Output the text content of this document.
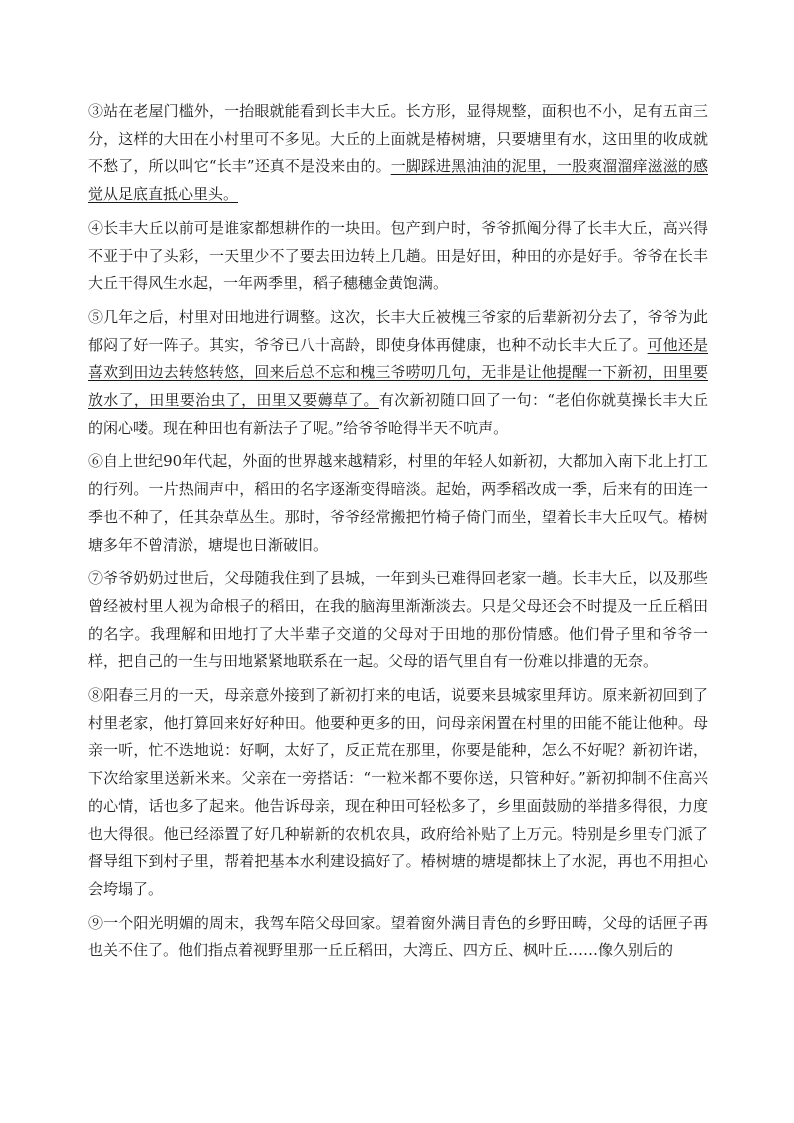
③站在老屋门槛外，一抬眼就能看到长丰大丘。长方形，显得规整，面积也不小，足有五亩三分，这样的大田在小村里可不多见。大丘的上面就是椿树塘，只要塘里有水，这田里的收成就不愁了，所以叫它“长丰”还真不是没来由的。一脚踩进黑油油的泥里，一股爽溜溜痒滋滋的感觉从足底直抵心里头。

④长丰大丘以前可是谁家都想耕作的一块田。包产到户时，爷爷抓阄分得了长丰大丘，高兴得不亚于中了头彩，一天里少不了要去田边转上几趟。田是好田，种田的亦是好手。爷爷在长丰大丘干得风生水起，一年两季里，稻子穗穗金黄饱满。

⑤几年之后，村里对田地进行调整。这次，长丰大丘被槐三爷家的后辈新初分去了，爷爷为此郁闷了好一阵子。其实，爷爷已八十高龄，即使身体再健康，也种不动长丰大丘了。可他还是喜欢到田边去转悠转悠，回来后总不忘和槐三爷唠叨几句，无非是让他提醒一下新初，田里要放水了，田里要治虫了，田里又要薅草了。有次新初随口回了一句：“老伯你就莫操长丰大丘的闲心喽。现在种田也有新法子了呢。”给爷爷呛得半天不吭声。

⑥自上世纪90年代起，外面的世界越来越精彩，村里的年轻人如新初，大都加入南下北上打工的行列。一片热闹声中，稻田的名字逐渐变得暗淡。起始，两季稻改成一季，后来有的田连一季也不种了，任其杂草丛生。那时，爷爷经常搬把竹椅子倚门而坐，望着长丰大丘叹气。椿树塘多年不曾清淤，塘堤也日渐破旧。

⑦爷爷奶奶过世后，父母随我住到了县城，一年到头已难得回老家一趟。长丰大丘，以及那些曾经被村里人视为命根子的稻田，在我的脑海里渐渐淡去。只是父母还会不时提及一丘丘稻田的名字。我理解和田地打了大半辈子交道的父母对于田地的那份情感。他们骨子里和爷爷一样，把自己的一生与田地紧紧地联系在一起。父母的语气里自有一份难以排遣的无奈。

⑧阳春三月的一天，母亲意外接到了新初打来的电话，说要来县城家里拜访。原来新初回到了村里老家，他打算回来好好种田。他要种更多的田，问母亲闲置在村里的田能不能让他种。母亲一听，忙不迭地说：好啊，太好了，反正荒在那里，你要是能种，怎么不好呢？新初许诺，下次给家里送新米来。父亲在一旁搭话：“一粒米都不要你送，只管种好。”新初抑制不住高兴的心情，话也多了起来。他告诉母亲，现在种田可轻松多了，乡里面鼓励的举措多得很，力度也大得很。他已经添置了好几种崭新的农机农具，政府给补贴了上万元。特别是乡里专门派了督导组下到村子里，帮着把基本水利建设搞好了。椿树塘的塘堤都抹上了水泥，再也不用担心会垮塌了。

⑨一个阳光明媚的周末，我驾车陪父母回家。望着窗外满目青色的乡野田畴，父母的话匣子再也关不住了。他们指点着视野里那一丘丘稻田，大湾丘、四方丘、枫叶丘……像久别后的
